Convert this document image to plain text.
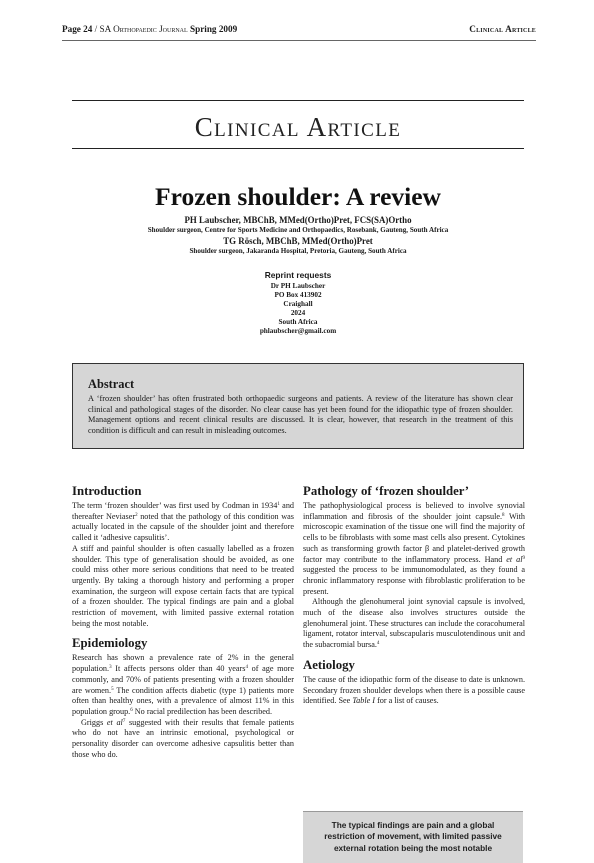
Page 24 / SA Orthopaedic Journal Spring 2009	Clinical Article
Clinical Article
Frozen shoulder: A review
PH Laubscher, MBChB, MMed(Ortho)Pret, FCS(SA)Ortho
Shoulder surgeon, Centre for Sports Medicine and Orthopaedics, Rosebank, Gauteng, South Africa
TG Rösch, MBChB, MMed(Ortho)Pret
Shoulder surgeon, Jakaranda Hospital, Pretoria, Gauteng, South Africa
Reprint requests
Dr PH Laubscher
PO Box 413902
Craighall
2024
South Africa
phlaubscher@gmail.com
Abstract
A ‘frozen shoulder’ has often frustrated both orthopaedic surgeons and patients. A review of the literature has shown clear clinical and pathological stages of the disorder. No clear cause has yet been found for the idiopathic type of frozen shoulder. Management options and recent clinical results are discussed. It is clear, however, that research in the treatment of this condition is difficult and can result in misleading outcomes.
Introduction

The term ‘frozen shoulder’ was first used by Codman in 1934$^1$ and thereafter Neviaser$^2$ noted that the pathology of this condition was actually located in the capsule of the shoulder joint and therefore called it ‘adhesive capsulitis’.

A stiff and painful shoulder is often casually labelled as a frozen shoulder. This type of generalisation should be avoided, as one could miss other more serious conditions that need to be treated urgently. By taking a thorough history and performing a proper examination, the surgeon will expose certain facts that are typical of a frozen shoulder. The typical findings are pain and a global restriction of movement, with limited passive external rotation being the most notable.

Epidemiology

Research has shown a prevalence rate of 2% in the general population.$^3$ It affects persons older than 40 years$^4$ of age more commonly, and 70% of patients presenting with a frozen shoulder are women.$^5$ The condition affects diabetic (type 1) patients more often than healthy ones, with a prevalence of almost 11% in this population group.$^6$ No racial predilection has been described.

Griggs et $al^7$ suggested with their results that female patients who do not have an intrinsic emotional, psychological or personality disorder can overcome adhesive capsulitis better than those who do.

Pathology of ‘frozen shoulder’

The pathophysiological process is believed to involve synovial inflammation and fibrosis of the shoulder joint capsule.$^8$ With microscopic examination of the tissue one will find the majority of cells to be fibroblasts with some mast cells also present. Cytokines such as transforming growth factor β and platelet-derived growth factor may contribute to the inflammatory process. Hand et $al^9$ suggested the process to be immunomodulated, as they found a chronic inflammatory response with fibroblastic proliferation to be present.

Although the glenohumeral joint synovial capsule is involved, much of the disease also involves structures outside the glenohumeral joint. These structures can include the coracohumeral ligament, rotator interval, subscapularis musculotendinous unit and the subacromial bursa.$^4$

Aetiology

The cause of the idiopathic form of the disease to date is unknown. Secondary frozen shoulder develops when there is a possible cause identified. See Table I for a list of causes.

The typical findings are pain and a global restriction of movement, with limited passive external rotation being the most notable
